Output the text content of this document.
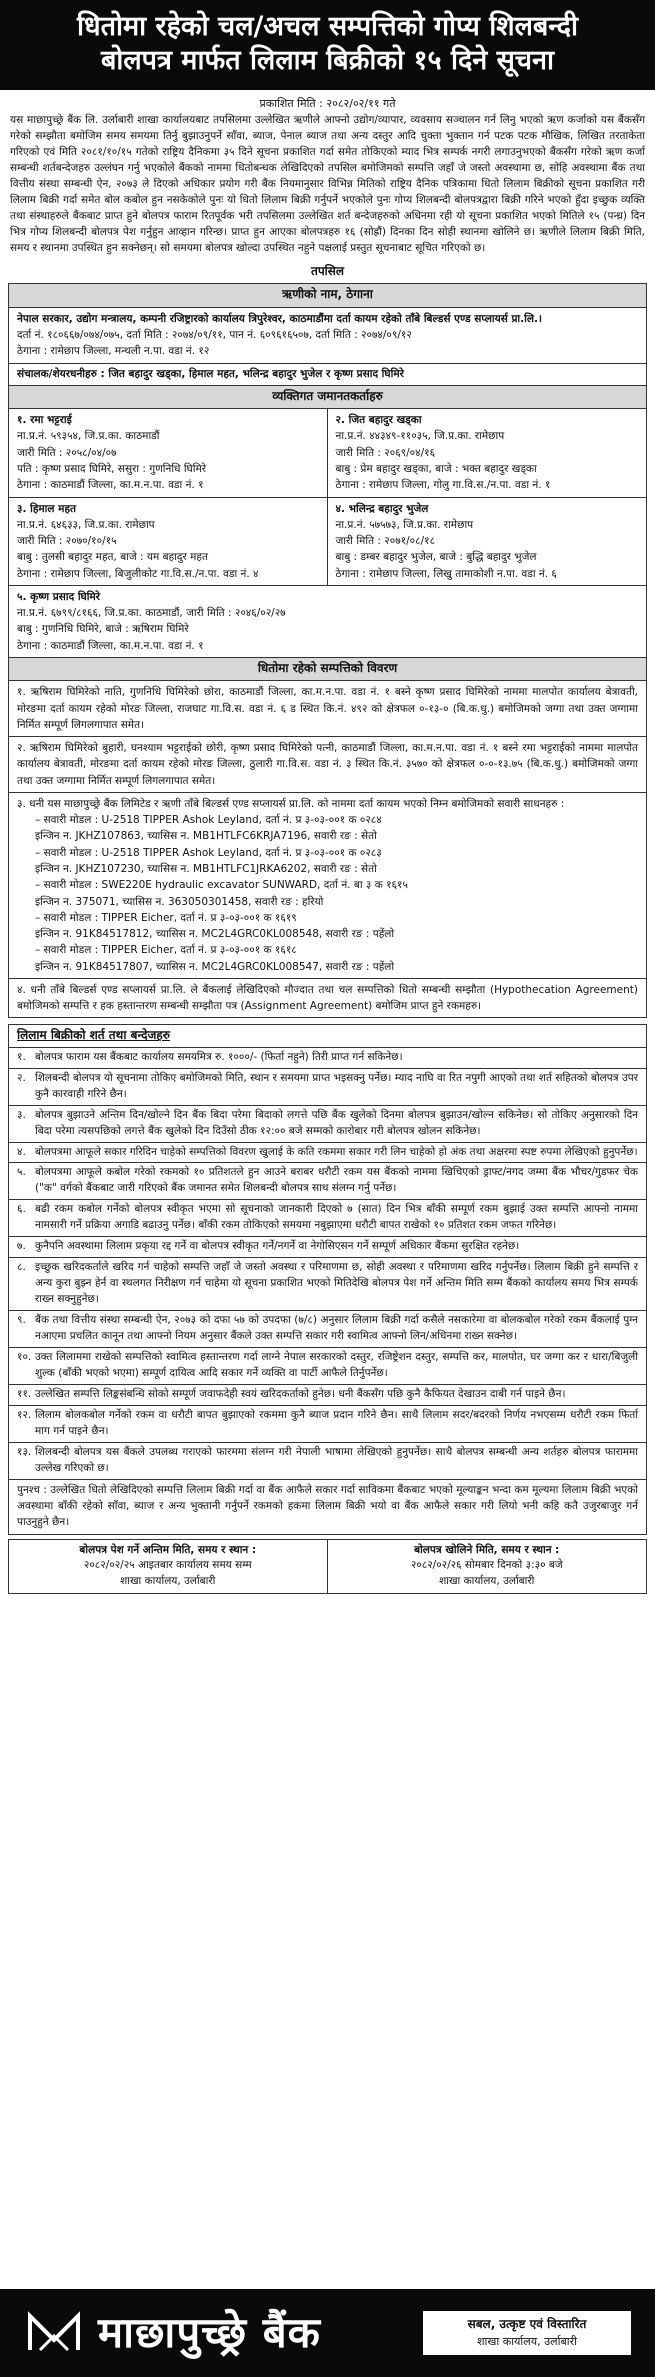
धितोमा रहेको चल/अचल सम्पत्तिको गोप्य शिलबन्दी
बोलपत्र मार्फत लिलाम बिक्रीको १५ दिने सूचना
प्रकाशित मिति : २०८२/०२/११ गते
यस माछापुच्छ्रे बैंक लि. उर्लाबारी शाखा कार्यालयबाट तपसिलमा उल्लेखित ऋणीले आफ्नो उद्योग/व्यापार, व्यवसाय सञ्चालन गर्न लिनु भएको ऋण कर्जाको यस बैंकसँग गरेको सम्झौता बमोजिम समय समयमा तिर्नु बुझाउनुपर्ने साँवा, ब्याज, पेनाल ब्याज तथा अन्य दस्तुर आदि चुक्ता भुक्तान गर्न पटक पटक मौखिक, लिखित तरताकेता गरिएको एवं मिति २०८१/१०/१५ गतेको राष्ट्रिय दैनिकमा ३५ दिने सूचना प्रकाशित गर्दा समेत तोकिएको म्याद भित्र सम्पर्क नगरी लगाउनुभएको बैंकसँग गरेको ऋण कर्जा सम्बन्धी शर्तबन्देजहरु उल्लंघन गर्नु भएकोले बैंकको नाममा धितोबन्धक लेखिदिएको तपसिल बमोजिमको सम्पत्ति जहाँ जे जस्तो अवस्थामा छ, सोहि अवस्थामा बैंक तथा वित्तीय संस्था सम्बन्धी ऐन, २०७३ ले दिएको अधिकार प्रयोग गरी बैंक नियमानुसार विभिन्न मितिको राष्ट्रिय दैनिक पत्रिकामा धितो लिलाम बिक्रीको सूचना प्रकाशित गरी लिलाम बिक्री गर्दा समेत बोल कबोल हुन नसकेकोले पुनः यो धितो लिलाम बिक्री गर्नुपर्ने भएकोले पुनः गोप्य शिलबन्दी बोलपत्रद्वारा बिक्री गरिने भएको हुँदा इच्छुक व्यक्ति तथा संस्थाहरुले बैंकबाट प्राप्त हुने बोलपत्र फाराम रितपूर्वक भरी तपसिलमा उल्लेखित शर्त बन्देजहरुको अधिनमा रही यो सूचना प्रकाशित भएको मितिले १५ (पन्ध्र) दिन भित्र गोप्य शिलबन्दी बोलपत्र पेश गर्नुहुन आव्हान गरिन्छ। प्राप्त हुन आएका बोलपत्रहरु १६ (सोह्रौं) दिनका दिन सोही स्थानमा खोलिने छ। ऋणीले लिलाम बिक्री मिति, समय र स्थानमा उपस्थित हुन सक्नेछन्। सो समयमा बोलपत्र खोल्दा उपस्थित नहुने पक्षलाई प्रस्तुत सूचनाबाट सूचित गरिएको छ।
तपसिल
ऋणीको नाम, ठेगाना
नेपाल सरकार, उद्योग मन्त्रालय, कम्पनी रजिष्ट्रारको कार्यालय त्रिपुरेश्वर, काठमाडौंमा दर्ता कायम रहेको ताँबे बिल्डर्स एण्ड सप्लायर्स प्रा.लि.।
दर्ता नं. १८०६६७/०७४/०७५, दर्ता मिति : २०७४/०९/११, पान नं. ६०९६१६५०७, दर्ता मिति : २०७४/०९/१२
ठेगाना : रामेछाप जिल्ला, मन्थली न.पा. वडा नं. १२
संचालक/शेयरधनीहरु : जित बहादुर खड्का, हिमाल महत, भलिन्द्र बहादुर भुजेल र कृष्ण प्रसाद घिमिरे
व्यक्तिगत जमानतकर्ताहरु
१. रमा भट्टराई
ना.प्र.नं. ५९३५४, जि.प्र.का. काठमाडौं
जारी मिति : २०५८/०४/०७
पति : कृष्ण प्रसाद घिमिरे, ससुरा : गुणनिधि घिमिरे
ठेगाना : काठमाडौं जिल्ला, का.म.न.पा. वडा नं. १
२. जित बहादुर खड्का
ना.प्र.नं. ४४३४९-११०३५, जि.प्र.का. रामेछाप
जारी मिति : २०६९/०४/१६
बाबु : प्रेम बहादुर खड्का, बाजे : भक्त बहादुर खड्का
ठेगाना : रामेछाप जिल्ला, गोलु गा.वि.स./न.पा. वडा नं. १
३. हिमाल महत
ना.प्र.नं. ६४६३३, जि.प्र.का. रामेछाप
जारी मिति : २०७०/१०/१५
बाबु : तुलसी बहादुर महत, बाजे : यम बहादुर महत
ठेगाना : रामेछाप जिल्ला, बिजुलीकोट गा.वि.स./न.पा. वडा नं. ४
४. भलिन्द्र बहादुर भुजेल
ना.प्र.नं. ५७५७३, जि.प्र.का. रामेछाप
जारी मिति : २०७१/०८/१८
बाबु : डम्बर बहादुर भुजेल, बाजे : बुद्धि बहादुर भुजेल
ठेगाना : रामेछाप जिल्ला, लिखु तामाकोशी न.पा. वडा नं. ६
५. कृष्ण प्रसाद घिमिरे
ना.प्र.नं. ६७९९/८१६६, जि.प्र.का. काठमाडौं, जारी मिति : २०४६/०२/२७
बाबु : गुणनिधि घिमिरे, बाजे : ऋषिराम घिमिरे
ठेगाना : काठमाडौं जिल्ला, का.म.न.पा. वडा नं. १
धितोमा रहेको सम्पत्तिको विवरण
१. ऋषिराम घिमिरेको नाति, गुणनिधि घिमिरेको छोरा, काठमाडौं जिल्ला, का.म.न.पा. वडा नं. १ बस्ने कृष्ण प्रसाद घिमिरेको नाममा मालपोत कार्यालय बेत्रावती, मोरङमा दर्ता कायम रहेको मोरङ जिल्ला, राजघाट गा.वि.स. वडा नं. ६ ड स्थित कि.नं. ४९२ को क्षेत्रफल ०-१३-० (बि.क.धु.) बमोजिमको जग्गा तथा उक्त जग्गामा निर्मित सम्पूर्ण लिगलगापात समेत।
२. ऋषिराम घिमिरेको बुहारी, घनश्याम भट्टराईको छोरी, कृष्ण प्रसाद घिमिरेको पत्नी, काठमाडौं जिल्ला, का.म.न.पा. वडा नं. १ बस्ने रमा भट्टराईको नाममा मालपोत कार्यालय बेत्रावती, मोरङमा दर्ता कायम रहेको मोरङ जिल्ला, ठुलारी गा.वि.स. वडा नं. ३ स्थित कि.नं. ३५७० को क्षेत्रफल ०-०-१३.७५ (बि.क.धु.) बमोजिमको जग्गा तथा उक्त जग्गामा निर्मित सम्पूर्ण लिगलगापात समेत।
३. धनी यस माछापुच्छ्रे बैंक लिमिटेड र ऋणी ताँबे बिल्डर्स एण्ड सप्लायर्स प्रा.लि. को नाममा दर्ता कायम भएको निम्न बमोजिमको सवारी साधनहरु :
– सवारी मोडल : U-2518 TIPPER Ashok Leyland, दर्ता नं. प्र ३-०३-००१ क ०२८४
इन्जिन न. JKHZ107863, च्यासिस न. MB1HTLFC6KRJA7196, सवारी रङ : सेतो
– सवारी मोडल : U-2518 TIPPER Ashok Leyland, दर्ता नं. प्र ३-०३-००१ क ०२८३
इन्जिन न. JKHZ107230, च्यासिस न. MB1HTLFC1JRKA6202, सवारी रङ : सेतो
– सवारी मोडल : SWE220E hydraulic excavator SUNWARD, दर्ता नं. बा ३ क १६१५
इन्जिन न. 375071, च्यासिस न. 363050301458, सवारी रङ : हरियो
– सवारी मोडल : TIPPER Eicher, दर्ता नं. प्र ३-०३-००१ क १६१९
इन्जिन न. 91K84517812, च्यासिस न. MC2L4GRC0KL008548, सवारी रङ : पहेंलो
– सवारी मोडल : TIPPER Eicher, दर्ता नं. प्र ३-०३-००१ क १६१८
इन्जिन न. 91K84517807, च्यासिस न. MC2L4GRC0KL008547, सवारी रङ : पहेंलो
४. धनी ताँबे बिल्डर्स एण्ड सप्लायर्स प्रा.लि. ले बैंकलाई लेखिदिएको मौज्दात तथा चल सम्पत्तिको धितो सम्बन्धी सम्झौता (Hypothecation Agreement) बमोजिमको सम्पत्ति र हक हस्तान्तरण सम्बन्धी सम्झौता पत्र (Assignment Agreement) बमोजिम प्राप्त हुने रकमहरु।
लिलाम बिक्रीको शर्त तथा बन्देजहरु
१. बोलपत्र फाराम यस बैंकबाट कार्यालय समयमित्र रु. १०००/- (फिर्ता नहुने) तिरी प्राप्त गर्न सकिनेछ।
२. शिलबन्दी बोलपत्र यो सूचनामा तोकिए बमोजिमको मिति, स्थान र समयमा प्राप्त भइसक्नु पर्नेछ। म्याद नाघि वा रित नपुगी आएको तथा शर्त सहितको बोलपत्र उपर कुनै कारवाही गरिने छैन।
३. बोलपत्र बुझाउने अन्तिम दिन/खोल्ने दिन बैंक बिदा परेमा बिदाको लगत्ते पछि बैंक खुलेको दिनमा बोलपत्र बुझाउन/खोल्न सकिनेछ। सो तोकिए अनुसारको दिन बिदा परेमा त्यसपछिको लगत्ते बैंक खुलेको दिन दिउँसो ठीक १२:०० बजे सम्मको कारोबार गरी बोलपत्र खोलन सकिनेछ।
४. बोलपत्रमा आफूले सकार गरिदिन चाहेको सम्पत्तिको विवरण खुलाई के कति रकममा सकार गरी लिन चाहेको हो अंक तथा अक्षरमा स्पष्ट रुपमा लेखिएको हुनुपर्नेछ।
५. बोलपत्रमा आफूले कबोल गरेको रकमको १० प्रतिशतले हुन आउने बराबर धरौटी रकम यस बैंकको नाममा खिचिएको ड्राफ्ट/नगद जम्मा बैंक भौचर/गुडफर चेक ("क" वर्गको बैंकबाट जारी गरिएको बैंक जमानत समेत शिलबन्दी बोलपत्र साथ संलग्न गर्नु पर्नेछ।
६. बढी रकम कबोल गर्नेको बोलपत्र स्वीकृत भएमा सो सूचनाको जानकारी दिएको ७ (सात) दिन भित्र बाँकी सम्पूर्ण रकम बुझाई उक्त सम्पत्ति आफ्नो नाममा नामसारी गर्ने प्रक्रिया अगाडि बढाउनु पर्नेछ। बाँकी रकम तोकिएको समयमा नबुझाएमा धरौटी बापत राखेको १० प्रतिशत रकम जफत गरिनेछ।
७. कुनैपनि अवस्थामा लिलाम प्रकृया रद्द गर्ने वा बोलपत्र स्वीकृत गर्ने/नगर्ने वा नेगोसिएसन गर्ने सम्पूर्ण अधिकार बैंकमा सुरक्षित रहनेछ।
८. इच्छुक खरिदकर्ताले खरिद गर्न चाहेको सम्पत्ति जहाँ जे जस्तो अवस्था र परिमाणमा छ, सोही अवस्था र परिमाणमा खरिद गर्नुपर्नेछ। लिलाम बिक्री हुने सम्पत्ति र अन्य कुरा बुझ्न हेर्न वा स्थलगत निरीक्षण गर्न चाहेमा यो सूचना प्रकाशित भएको मितिदेखि बोलपत्र पेश गर्ने अन्तिम मिति सम्म बैंकको कार्यालय समय भित्र सम्पर्क राख्न सक्नुहुनेछ।
९. बैंक तथा वित्तीय संस्था सम्बन्धी ऐन, २०७३ को दफा ५७ को उपदफा (७/८) अनुसार लिलाम बिक्री गर्दा कसैले नसकारेमा वा बोलकबोल गरेको रकम बैंकलाई पुग्न नआएमा प्रचलित कानून तथा आफ्नो नियम अनुसार बैंकले उक्त सम्पत्ति सकार गरी स्वामित्व आफ्नो लिन/अधिनमा राख्न सक्नेछ।
१०. उक्त लिलाममा राखेको सम्पत्तिको स्वामित्व हस्तान्तरण गर्दा लाग्ने नेपाल सरकारको दस्तुर, रजिष्ट्रेशन दस्तुर, सम्पत्ति कर, मालपोत, घर जग्गा कर र धारा/बिजुली शुल्क (बाँकी भएको भएमा) सम्पूर्ण दायित्व आदि सकार गर्ने व्यक्ति वा पार्टी आफैले तिर्नुपर्नेछ।
११. उल्लेखित सम्पत्ति लिङ्कसंबन्धि सोको सम्पूर्ण जवाफदेही स्वयं खरिदकर्ताको हुनेछ। धनी बैंकसँग पछि कुनै कैफियत देखाउन दाबी गर्न पाइने छैन।
१२. लिलाम बोलकबोल गर्नेको रकम वा धरौटी बापत बुझाएको रकममा कुनै ब्याज प्रदान गरिने छैन। साथै लिलाम सदर/बदरको निर्णय नभएसम्म धरौटी रकम फिर्ता माग गर्न पाइने छैन।
१३. शिलबन्दी बोलपत्र यस बैंकले उपलब्ध गराएको फारममा संलग्न गरी नेपाली भाषामा लेखिएको हुनुपर्नेछ। साथै बोलपत्र सम्बन्धी अन्य शर्तहरु बोलपत्र फाराममा उल्लेख गरिएको छ।
पुनश्च : उल्लेखित धितो लेखिदिएको सम्पत्ति लिलाम बिक्री गर्दा वा बैंक आफैले सकार गर्दा साविकमा बैंकबाट भएको मूल्याङ्कन भन्दा कम मूल्यमा लिलाम बिक्री भएको अवस्थामा बाँकी रहेको साँवा, ब्याज र अन्य भुक्तानी गर्नुपर्ने रकमको हकमा लिलाम बिक्री भयो वा बैंक आफैले सकार गरी लियो भनी कहि कतै उजुरबाजुर गर्न पाउनुहुने छैन।
बोलपत्र पेश गर्ने अन्तिम मिति, समय र स्थान :
२०८२/०२/२५ आइतबार कार्यालय समय सम्म
शाखा कार्यालय, उर्लाबारी
बोलपत्र खोलिने मिति, समय र स्थान :
२०८२/०२/२६ सोमबार दिनको ३:३० बजे
शाखा कार्यालय, उर्लाबारी
माछापुच्छ्रे बैंक	सबल, उत्कृष्ट एवं विस्तारित
शाखा कार्यालय, उर्लाबारी
